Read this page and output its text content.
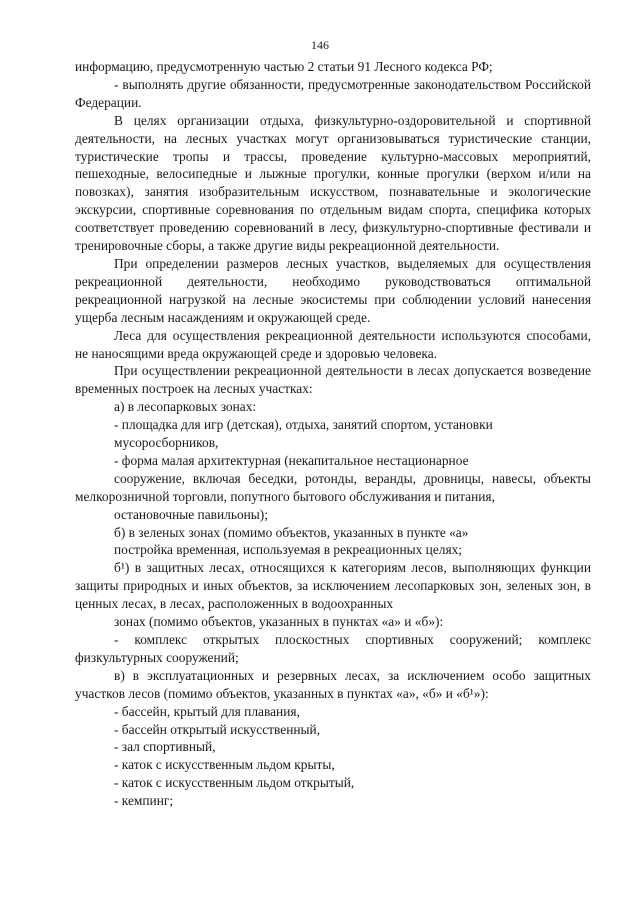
146

информацию, предусмотренную частью 2 статьи 91 Лесного кодекса РФ;

- выполнять другие обязанности, предусмотренные законодательством Российской Федерации.

В целях организации отдыха, физкультурно-оздоровительной и спортивной деятельности, на лесных участках могут организовываться туристические станции, туристические тропы и трассы, проведение культурно-массовых мероприятий, пешеходные, велосипедные и лыжные прогулки, конные прогулки (верхом и/или на повозках), занятия изобразительным искусством, познавательные и экологические экскурсии, спортивные соревнования по отдельным видам спорта, специфика которых соответствует проведению соревнований в лесу, физкультурно-спортивные фестивали и тренировочные сборы, а также другие виды рекреационной деятельности.

При определении размеров лесных участков, выделяемых для осуществления рекреационной деятельности, необходимо руководствоваться оптимальной рекреационной нагрузкой на лесные экосистемы при соблюдении условий нанесения ущерба лесным насаждениям и окружающей среде.

Леса для осуществления рекреационной деятельности используются способами, не наносящими вреда окружающей среде и здоровью человека.

При осуществлении рекреационной деятельности в лесах допускается возведение временных построек на лесных участках:

а) в лесопарковых зонах:

- площадка для игр (детская), отдыха, занятий спортом, установки

мусоросборников,

- форма малая архитектурная (некапитальное нестационарное

сооружение, включая беседки, ротонды, веранды, дровницы, навесы, объекты мелкорозничной торговли, попутного бытового обслуживания и питания,

остановочные павильоны);

б) в зеленых зонах (помимо объектов, указанных в пункте «а»

постройка временная, используемая в рекреационных целях;

б¹) в защитных лесах, относящихся к категориям лесов, выполняющих функции защиты природных и иных объектов, за исключением лесопарковых зон, зеленых зон, в ценных лесах, в лесах, расположенных в водоохранных

зонах (помимо объектов, указанных в пунктах «а» и «б»):

- комплекс открытых плоскостных спортивных сооружений; комплекс физкультурных сооружений;

в) в эксплуатационных и резервных лесах, за исключением особо защитных участков лесов (помимо объектов, указанных в пунктах «а», «б» и «б¹»):

- бассейн, крытый для плавания,

- бассейн открытый искусственный,

- зал спортивный,

- каток с искусственным льдом крыты,

- каток с искусственным льдом открытый,

- кемпинг;
